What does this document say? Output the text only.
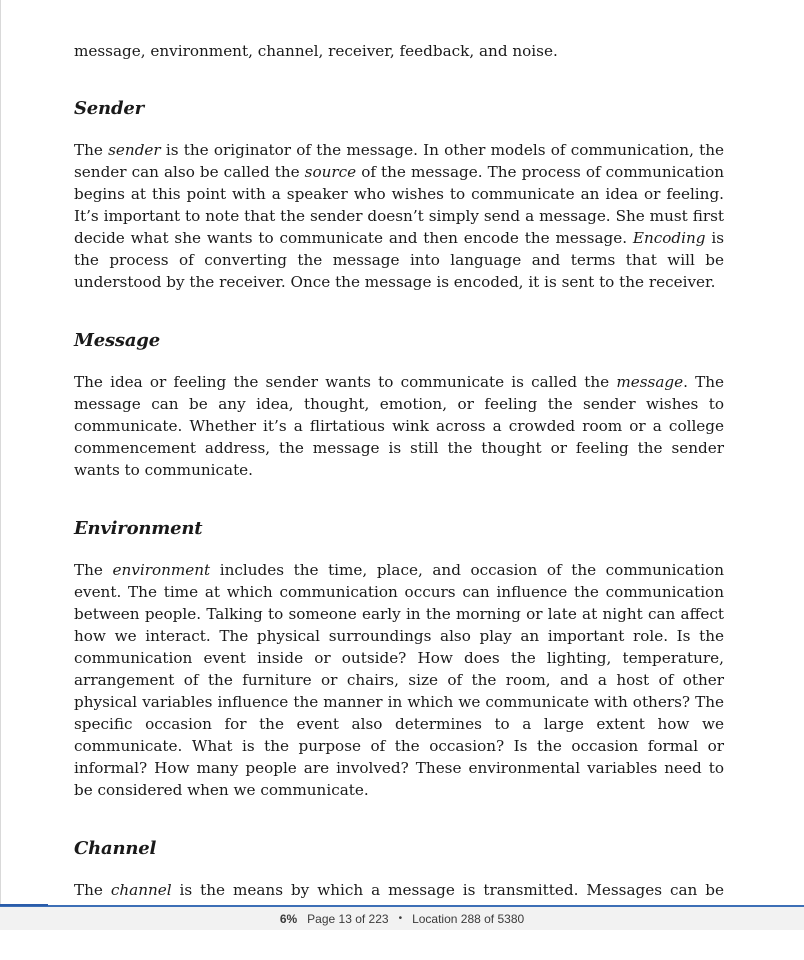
message, environment, channel, receiver, feedback, and noise.

Sender

The sender is the originator of the message. In other models of communication, the sender can also be called the source of the message. The process of communication begins at this point with a speaker who wishes to communicate an idea or feeling. It’s important to note that the sender doesn’t simply send a message. She must first decide what she wants to communicate and then encode the message. Encoding is the process of converting the message into language and terms that will be understood by the receiver. Once the message is encoded, it is sent to the receiver.

Message

The idea or feeling the sender wants to communicate is called the message. The message can be any idea, thought, emotion, or feeling the sender wishes to communicate. Whether it’s a flirtatious wink across a crowded room or a college commencement address, the message is still the thought or feeling the sender wants to communicate.

Environment

The environment includes the time, place, and occasion of the communication event. The time at which communication occurs can influence the communication between people. Talking to someone early in the morning or late at night can affect how we interact. The physical surroundings also play an important role. Is the communication event inside or outside? How does the lighting, temperature, arrangement of the furniture or chairs, size of the room, and a host of other physical variables influence the manner in which we communicate with others? The specific occasion for the event also determines to a large extent how we communicate. What is the purpose of the occasion? Is the occasion formal or informal? How many people are involved? These environmental variables need to be considered when we communicate.

Channel

The channel is the means by which a message is transmitted. Messages can be

6% Page 13 of 223 • Location 288 of 5380
